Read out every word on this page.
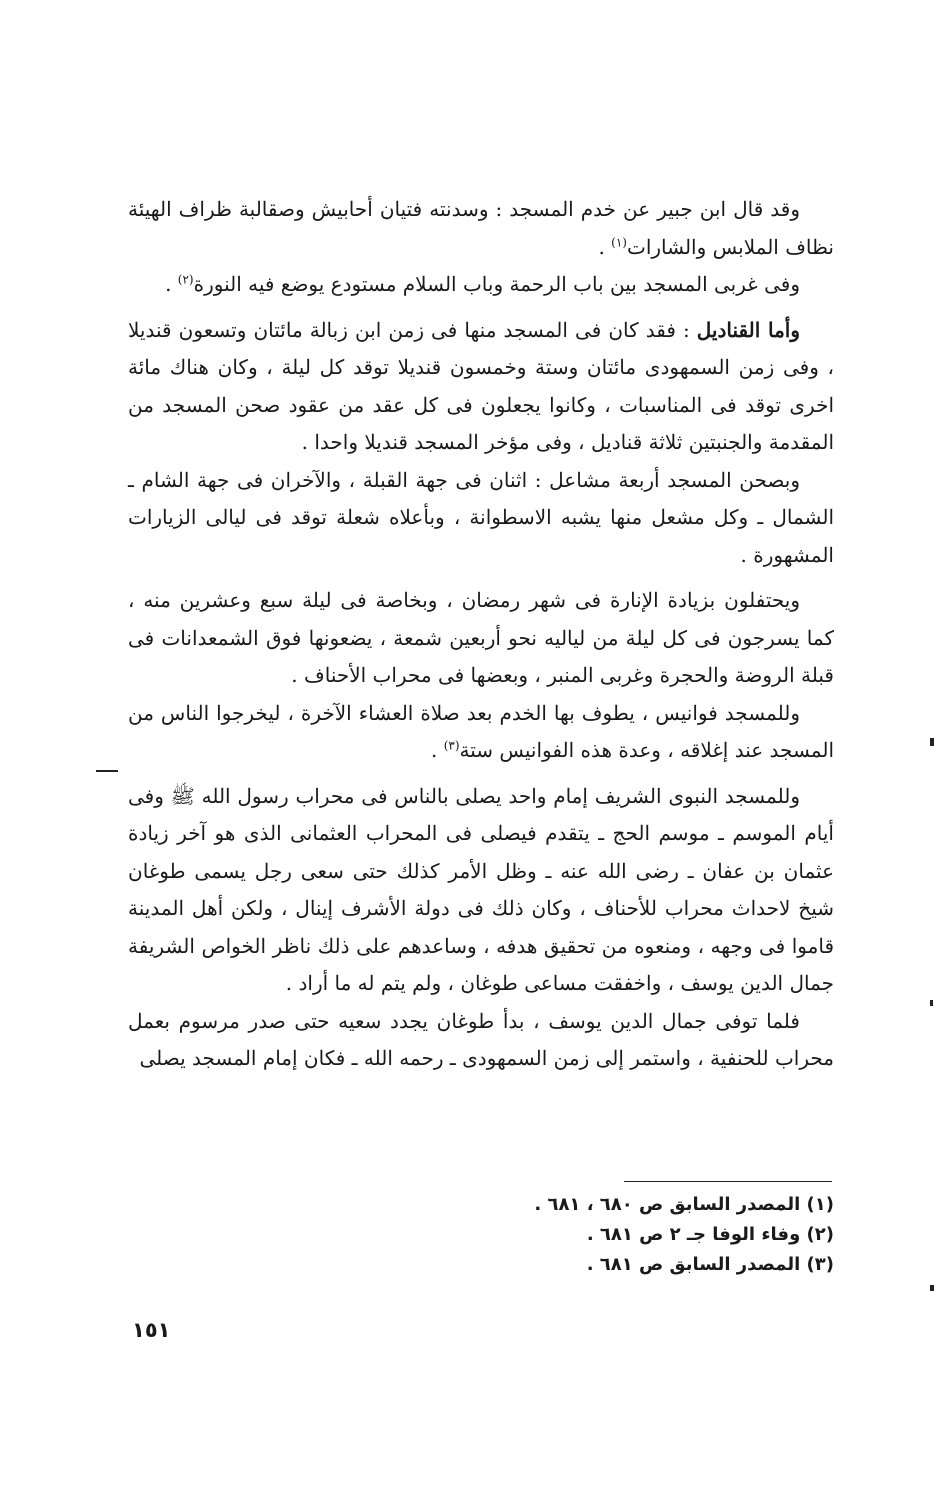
وقد قال ابن جبير عن خدم المسجد : وسدنته فتيان أحابيش وصقالبة ظراف الهيئة نظاف الملابس والشارات$^{(١)}$ .

وفى غربى المسجد بين باب الرحمة وباب السلام مستودع يوضع فيه النورة$^{(٢)}$ .

وأما القناديل : فقد كان فى المسجد منها فى زمن ابن زبالة مائتان وتسعون قنديلا ، وفى زمن السمهودى مائتان وستة وخمسون قنديلا توقد كل ليلة ، وكان هناك مائة اخرى توقد فى المناسبات ، وكانوا يجعلون فى كل عقد من عقود صحن المسجد من المقدمة والجنبتين ثلاثة قناديل ، وفى مؤخر المسجد قنديلا واحدا .

وبصحن المسجد أربعة مشاعل : اثنان فى جهة القبلة ، والآخران فى جهة الشام ـ الشمال ـ وكل مشعل منها يشبه الاسطوانة ، وبأعلاه شعلة توقد فى ليالى الزيارات المشهورة .

ويحتفلون بزيادة الإنارة فى شهر رمضان ، وبخاصة فى ليلة سبع وعشرين منه ، كما يسرجون فى كل ليلة من لياليه نحو أربعين شمعة ، يضعونها فوق الشمعدانات فى قبلة الروضة والحجرة وغربى المنبر ، وبعضها فى محراب الأحناف .

وللمسجد فوانيس ، يطوف بها الخدم بعد صلاة العشاء الآخرة ، ليخرجوا الناس من المسجد عند إغلاقه ، وعدة هذه الفوانيس ستة$^{(٣)}$ .

وللمسجد النبوى الشريف إمام واحد يصلى بالناس فى محراب رسول الله ﷺ وفى أيام الموسم ـ موسم الحج ـ يتقدم فيصلى فى المحراب العثمانى الذى هو آخر زيادة عثمان بن عفان ـ رضى الله عنه ـ وظل الأمر كذلك حتى سعى رجل يسمى طوغان شيخ لاحداث محراب للأحناف ، وكان ذلك فى دولة الأشرف إينال ، ولكن أهل المدينة قاموا فى وجهه ، ومنعوه من تحقيق هدفه ، وساعدهم على ذلك ناظر الخواص الشريفة جمال الدين يوسف ، واخفقت مساعى طوغان ، ولم يتم له ما أراد .

فلما توفى جمال الدين يوسف ، بدأ طوغان يجدد سعيه حتى صدر مرسوم بعمل محراب للحنفية ، واستمر إلى زمن السمهودى ـ رحمه الله ـ فكان إمام المسجد يصلى

(١) المصدر السابق ص ٦٨٠ ، ٦٨١ .

(٢) وفاء الوفا جـ ٢ ص ٦٨١ .

(٣) المصدر السابق ص ٦٨١ .

١٥١
